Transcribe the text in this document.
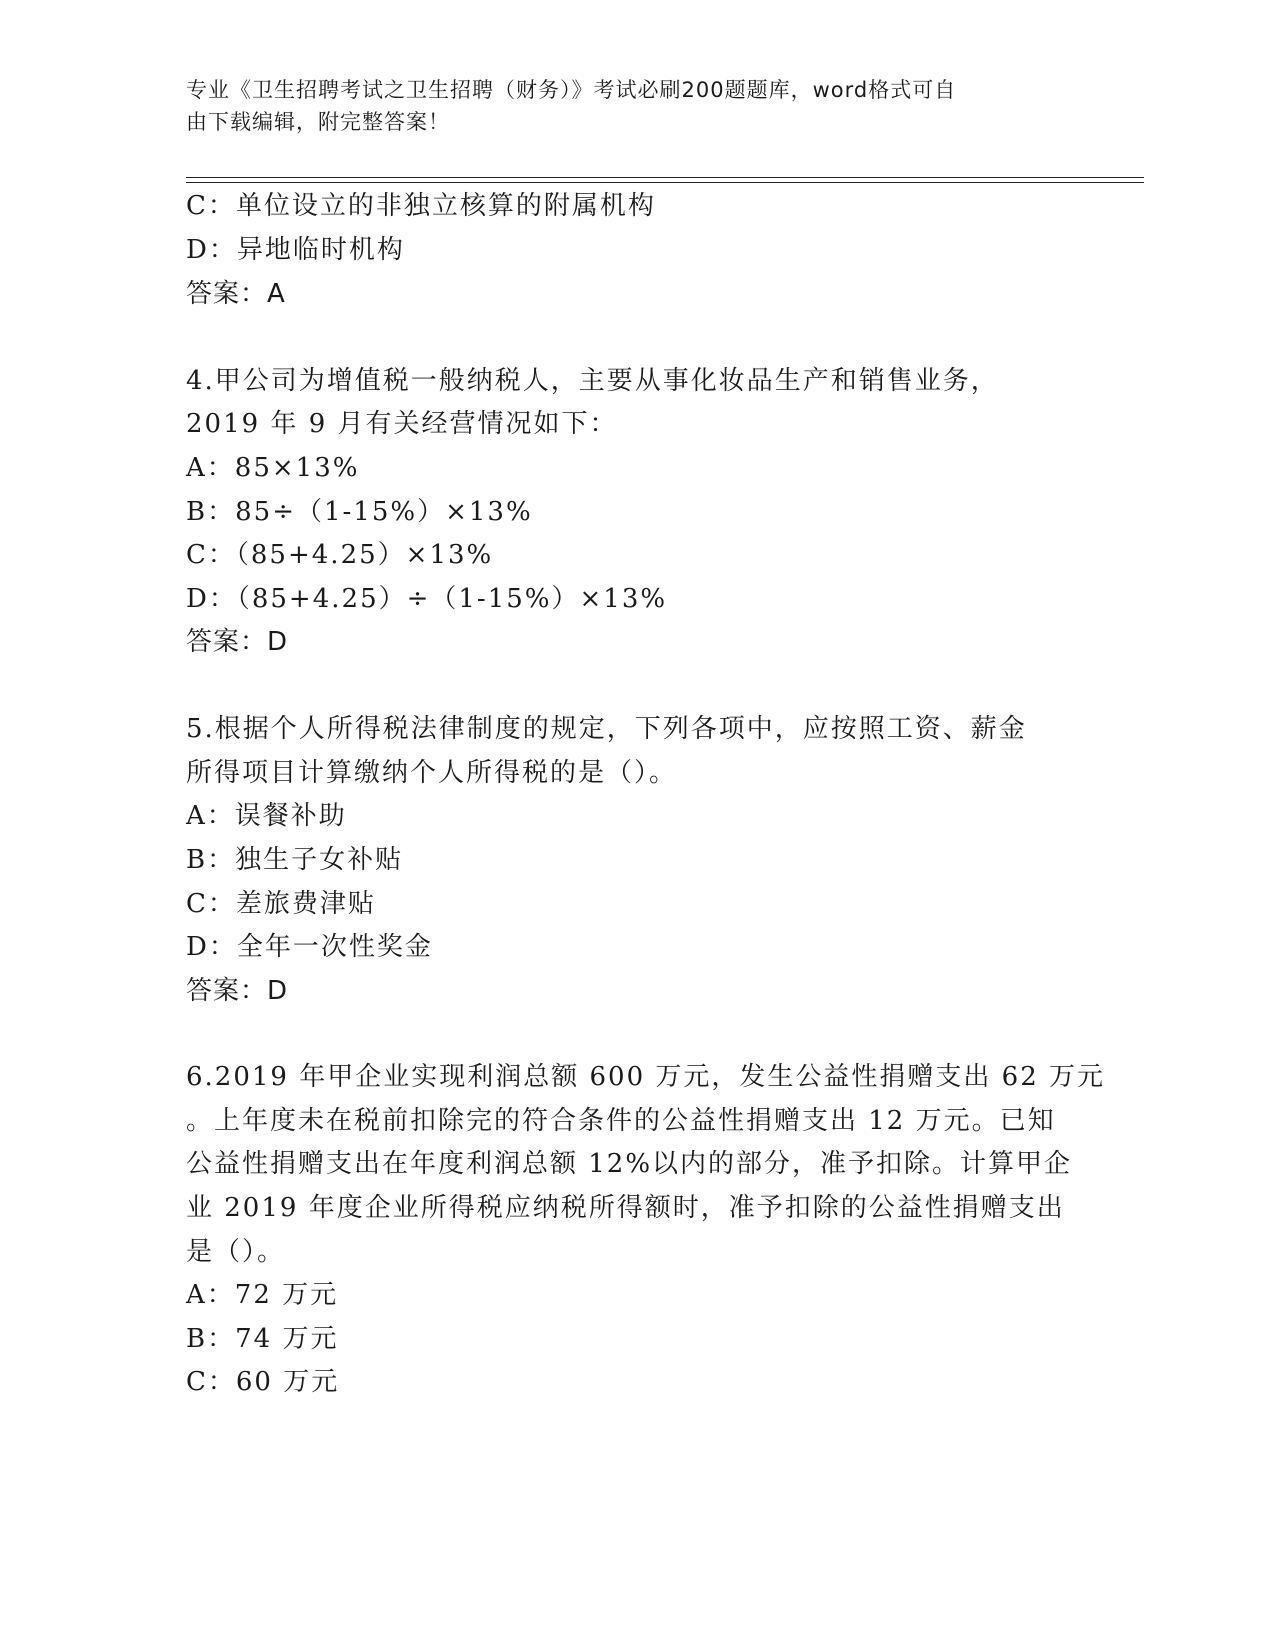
专业《卫生招聘考试之卫生招聘（财务）》考试必刷200题题库，word格式可自
由下载编辑，附完整答案！
C：单位设立的非独立核算的附属机构
D：异地临时机构
答案：A
4.甲公司为增值税一般纳税人，主要从事化妆品生产和销售业务，
2019 年 9 月有关经营情况如下：
A：85×13%
B：85÷（1-15%）×13%
C：（85+4.25）×13%
D：（85+4.25）÷（1-15%）×13%
答案：D
5.根据个人所得税法律制度的规定，下列各项中，应按照工资、薪金
所得项目计算缴纳个人所得税的是（）。
A：误餐补助
B：独生子女补贴
C：差旅费津贴
D：全年一次性奖金
答案：D
6.2019 年甲企业实现利润总额 600 万元，发生公益性捐赠支出 62 万元
。上年度未在税前扣除完的符合条件的公益性捐赠支出 12 万元。已知
公益性捐赠支出在年度利润总额 12%以内的部分，准予扣除。计算甲企
业 2019 年度企业所得税应纳税所得额时，准予扣除的公益性捐赠支出
是（）。
A：72 万元
B：74 万元
C：60 万元
